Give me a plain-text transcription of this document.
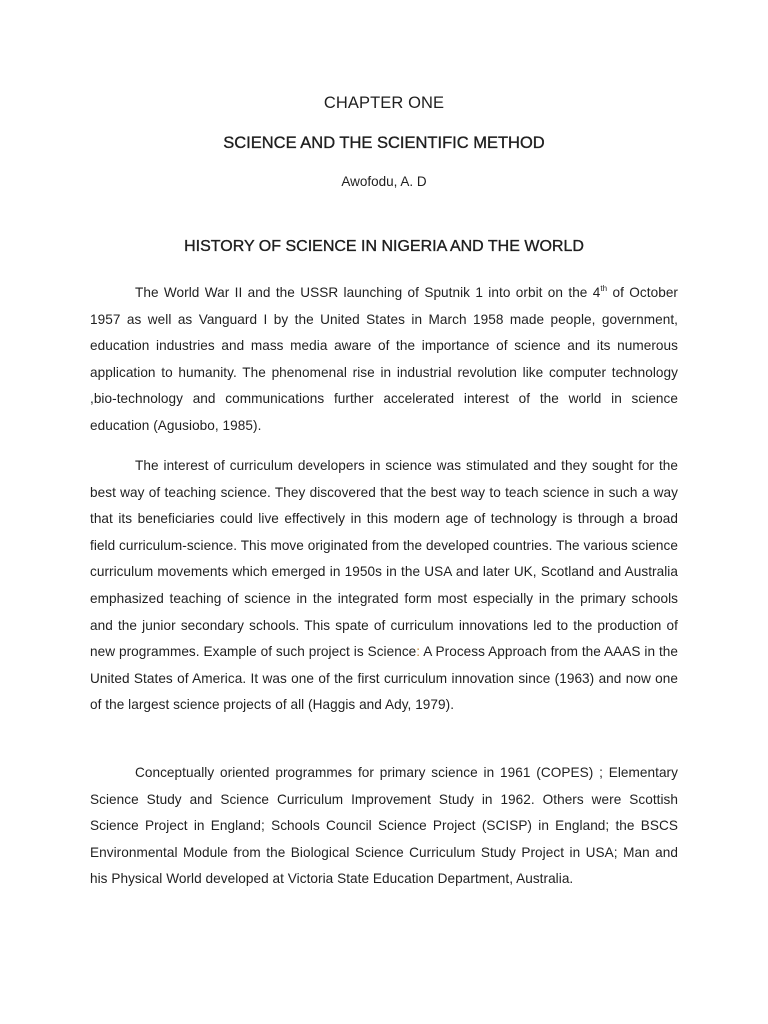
CHAPTER ONE
SCIENCE AND THE SCIENTIFIC METHOD
Awofodu, A. D
HISTORY OF SCIENCE IN NIGERIA AND THE WORLD

The World War II and the USSR launching of Sputnik 1 into orbit on the 4th of October 1957 as well as Vanguard I by the United States in March 1958 made people, government, education industries and mass media aware of the importance of science and its numerous application to humanity. The phenomenal rise in industrial revolution like computer technology ,bio-technology and communications further accelerated interest of the world in science education (Agusiobo, 1985).

The interest of curriculum developers in science was stimulated and they sought for the best way of teaching science. They discovered that the best way to teach science in such a way that its beneficiaries could live effectively in this modern age of technology is through a broad field curriculum-science. This move originated from the developed countries. The various science curriculum movements which emerged in 1950s in the USA and later UK, Scotland and Australia emphasized teaching of science in the integrated form most especially in the primary schools and the junior secondary schools. This spate of curriculum innovations led to the production of new programmes. Example of such project is Science: A Process Approach from the AAAS in the United States of America. It was one of the first curriculum innovation since (1963) and now one of the largest science projects of all (Haggis and Ady, 1979).

Conceptually oriented programmes for primary science in 1961 (COPES) ; Elementary Science Study and Science Curriculum Improvement Study in 1962. Others were Scottish Science Project in England; Schools Council Science Project (SCISP) in England; the BSCS Environmental Module from the Biological Science Curriculum Study Project in USA; Man and his Physical World developed at Victoria State Education Department, Australia.
